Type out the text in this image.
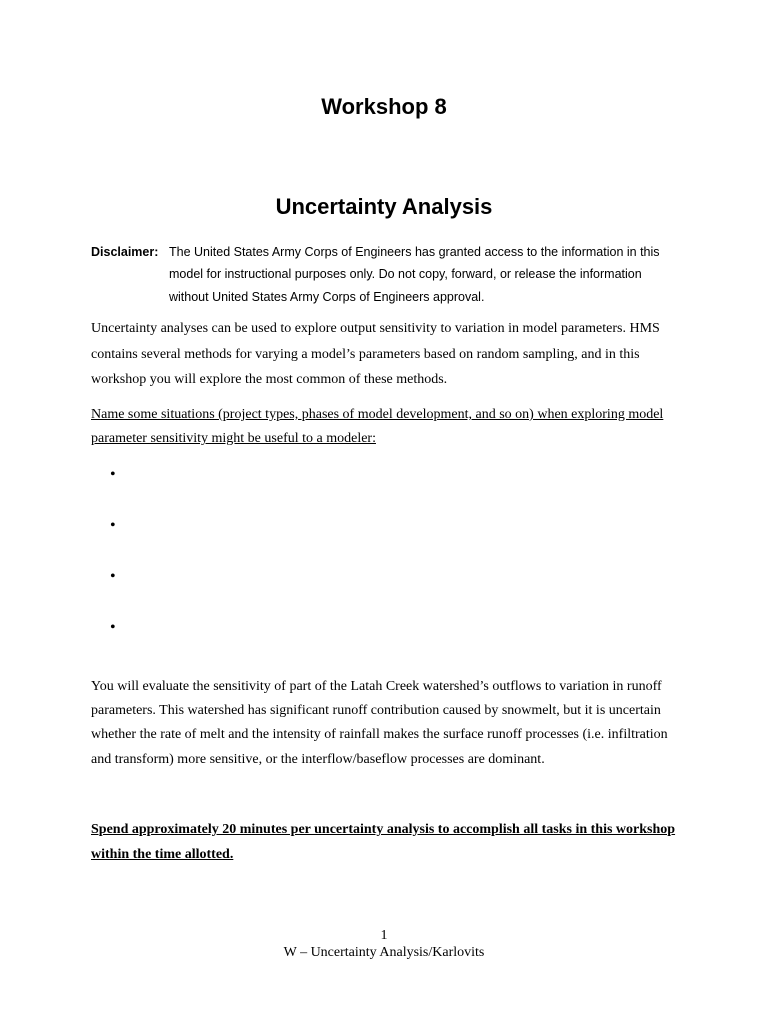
Workshop 8
Uncertainty Analysis
Disclaimer: The United States Army Corps of Engineers has granted access to the information in this
model for instructional purposes only. Do not copy, forward, or release the information
without United States Army Corps of Engineers approval.
Uncertainty analyses can be used to explore output sensitivity to variation in model parameters. HMS
contains several methods for varying a model’s parameters based on random sampling, and in this
workshop you will explore the most common of these methods.
Name some situations (project types, phases of model development, and so on) when exploring model
parameter sensitivity might be useful to a modeler:
•
•
•
•
You will evaluate the sensitivity of part of the Latah Creek watershed’s outflows to variation in runoff
parameters. This watershed has significant runoff contribution caused by snowmelt, but it is uncertain
whether the rate of melt and the intensity of rainfall makes the surface runoff processes (i.e. infiltration
and transform) more sensitive, or the interflow/baseflow processes are dominant.
Spend approximately 20 minutes per uncertainty analysis to accomplish all tasks in this workshop
within the time allotted.
1
W – Uncertainty Analysis/Karlovits
